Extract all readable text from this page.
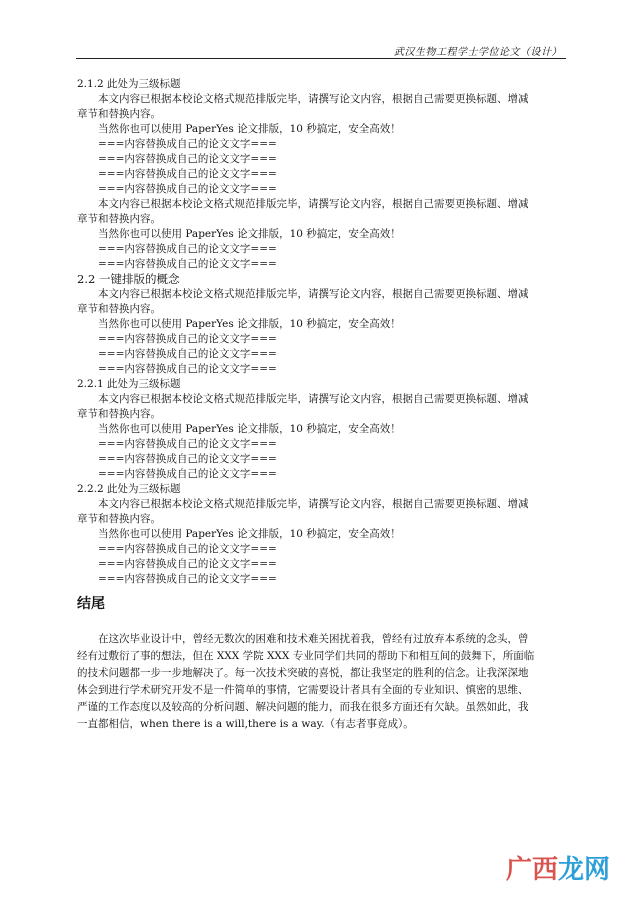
武汉生物工程学士学位论文（设计）
2.1.2 此处为三级标题
本文内容已根据本校论文格式规范排版完毕，请撰写论文内容，根据自己需要更换标题、增减
章节和替换内容。
当然你也可以使用 PaperYes 论文排版，10 秒搞定，安全高效！
===内容替换成自己的论文文字===
===内容替换成自己的论文文字===
===内容替换成自己的论文文字===
===内容替换成自己的论文文字===
本文内容已根据本校论文格式规范排版完毕，请撰写论文内容，根据自己需要更换标题、增减
章节和替换内容。
当然你也可以使用 PaperYes 论文排版，10 秒搞定，安全高效！
===内容替换成自己的论文文字===
===内容替换成自己的论文文字===
2.2 一键排版的概念
本文内容已根据本校论文格式规范排版完毕，请撰写论文内容，根据自己需要更换标题、增减
章节和替换内容。
当然你也可以使用 PaperYes 论文排版，10 秒搞定，安全高效！
===内容替换成自己的论文文字===
===内容替换成自己的论文文字===
===内容替换成自己的论文文字===
2.2.1 此处为三级标题
本文内容已根据本校论文格式规范排版完毕，请撰写论文内容，根据自己需要更换标题、增减
章节和替换内容。
当然你也可以使用 PaperYes 论文排版，10 秒搞定，安全高效！
===内容替换成自己的论文文字===
===内容替换成自己的论文文字===
===内容替换成自己的论文文字===
2.2.2 此处为三级标题
本文内容已根据本校论文格式规范排版完毕，请撰写论文内容，根据自己需要更换标题、增减
章节和替换内容。
当然你也可以使用 PaperYes 论文排版，10 秒搞定，安全高效！
===内容替换成自己的论文文字===
===内容替换成自己的论文文字===
===内容替换成自己的论文文字===
结尾
在这次毕业设计中，曾经无数次的困难和技术难关困扰着我，曾经有过放弃本系统的念头，曾
经有过敷衍了事的想法，但在 XXX 学院 XXX 专业同学们共同的帮助下和相互间的鼓舞下，所面临
的技术问题都一步一步地解决了。每一次技术突破的喜悦，都让我坚定的胜利的信念。让我深深地
体会到进行学术研究开发不是一件简单的事情，它需要设计者具有全面的专业知识、慎密的思维、
严谨的工作态度以及较高的分析问题、解决问题的能力，而我在很多方面还有欠缺。虽然如此，我
一直都相信，when there is a will,there is a way.（有志者事竟成）。
广西龙网
